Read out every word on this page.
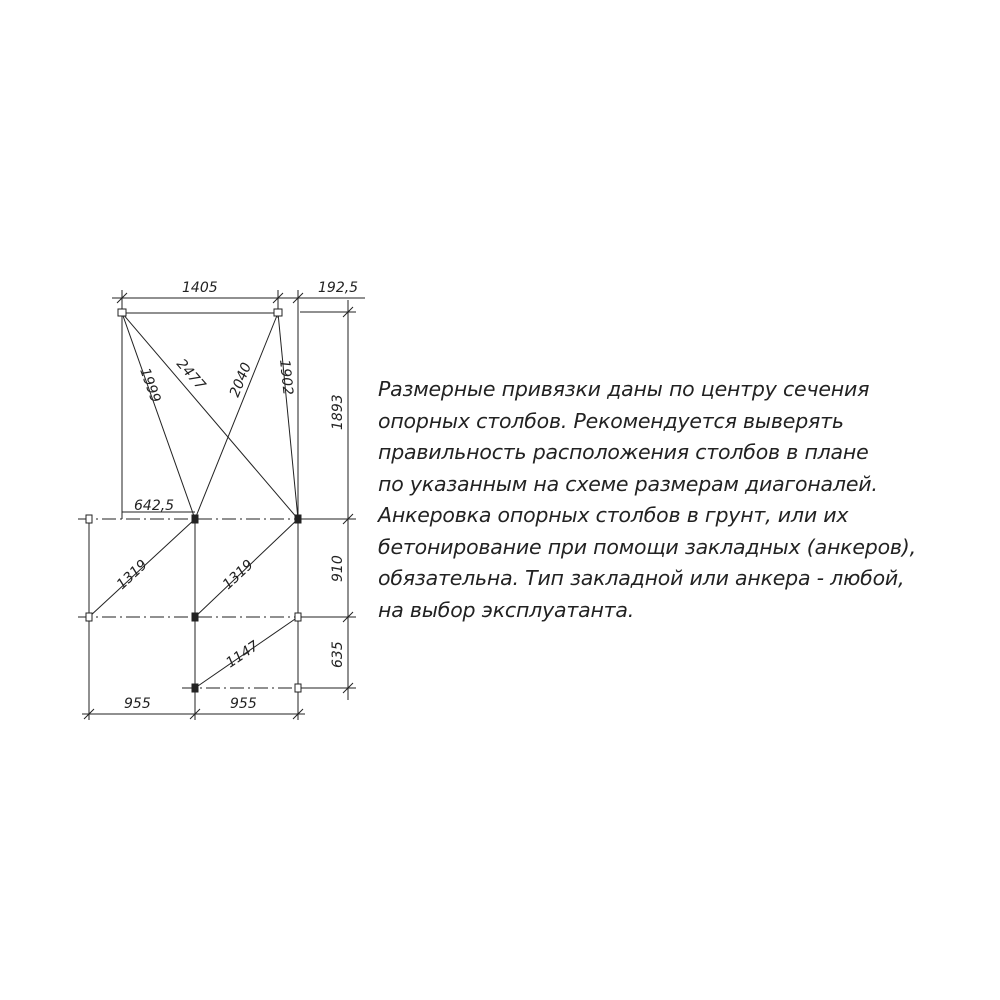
1405	192,5
1893
1999 2477 2040 1902
642,5
1319	1319	910
1147	635
955	955
Размерные привязки даны по центру сечения
опорных столбов. Рекомендуется выверять
правильность расположения столбов в плане
по указанным на схеме размерам диагоналей.
Анкеровка опорных столбов в грунт, или их
бетонирование при помощи закладных (анкеров),
обязательна. Тип закладной или анкера - любой,
на выбор эксплуатанта.
